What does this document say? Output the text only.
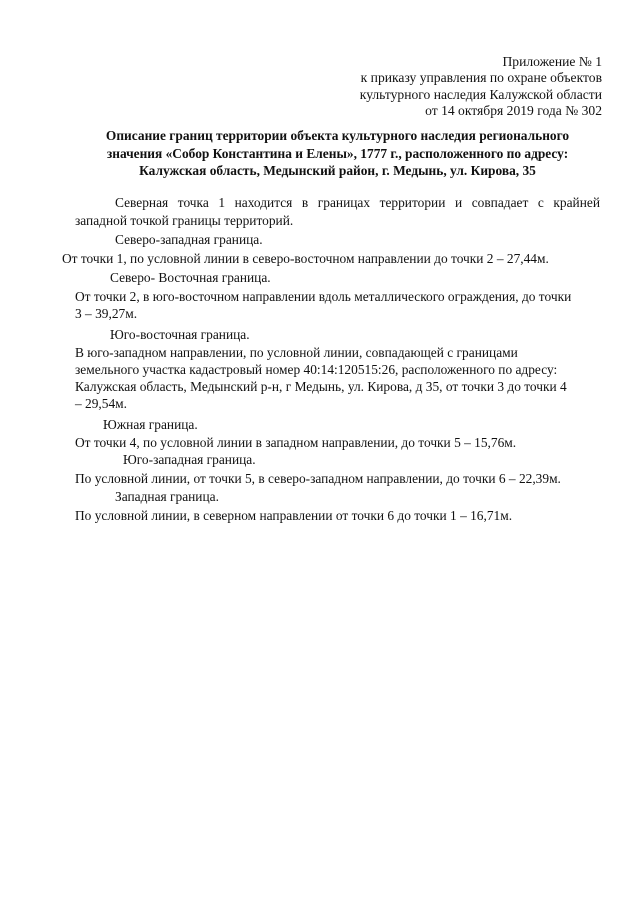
Приложение № 1
к приказу управления по охране объектов
культурного наследия Калужской области
от 14 октября 2019 года № 302
Описание границ территории объекта культурного наследия регионального
значения «Собор Константина и Елены», 1777 г., расположенного по адресу:
Калужская область, Медынский район, г. Медынь, ул. Кирова, 35
Северная точка 1 находится в границах территории и совпадает с крайней
западной точкой границы территорий.
Северо-западная граница.
От точки 1, по условной линии в северо-восточном направлении до точки 2 – 27,44м.
Северо- Восточная граница.
От точки 2, в юго-восточном направлении вдоль металлического ограждения, до точки
3 – 39,27м.
Юго-восточная граница.
В юго-западном направлении, по условной линии, совпадающей с границами
земельного участка кадастровый номер 40:14:120515:26, расположенного по адресу:
Калужская область, Медынский р-н, г Медынь, ул. Кирова, д 35, от точки 3 до точки 4
– 29,54м.
Южная граница.
От точки 4, по условной линии в западном направлении, до точки 5 – 15,76м.
Юго-западная граница.
По условной линии, от точки 5, в северо-западном направлении, до точки 6 – 22,39м.
Западная граница.
По условной линии, в северном направлении от точки 6 до точки 1 – 16,71м.
